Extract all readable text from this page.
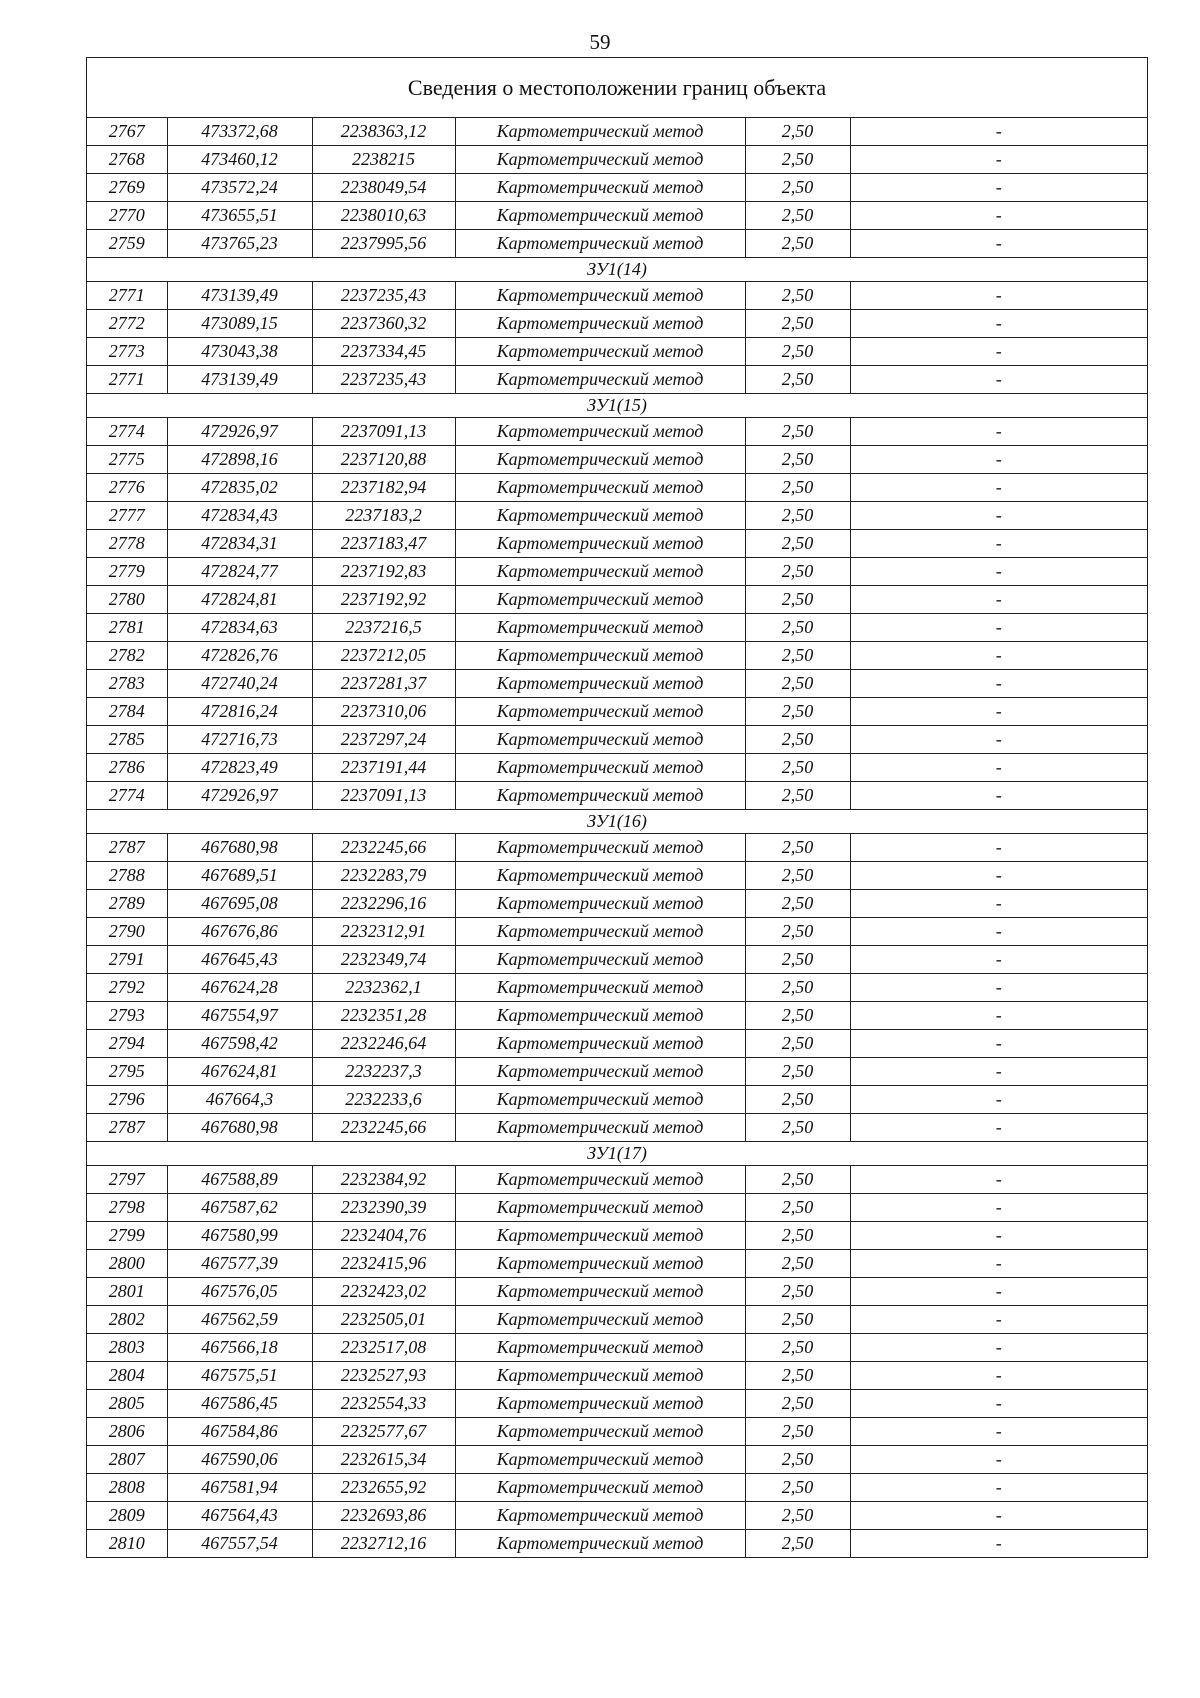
59
Сведения о местоположении границ объекта
2767	473372,68	2238363,12	Картометрический метод	2,50	-
2768	473460,12	2238215	Картометрический метод	2,50	-
2769	473572,24	2238049,54	Картометрический метод	2,50	-
2770	473655,51	2238010,63	Картометрический метод	2,50	-
2759	473765,23	2237995,56	Картометрический метод	2,50	-
ЗУ1(14)					
2771	473139,49	2237235,43	Картометрический метод	2,50	-
2772	473089,15	2237360,32	Картометрический метод	2,50	-
2773	473043,38	2237334,45	Картометрический метод	2,50	-
2771	473139,49	2237235,43	Картометрический метод	2,50	-
ЗУ1(15)					
2774	472926,97	2237091,13	Картометрический метод	2,50	-
2775	472898,16	2237120,88	Картометрический метод	2,50	-
2776	472835,02	2237182,94	Картометрический метод	2,50	-
2777	472834,43	2237183,2	Картометрический метод	2,50	-
2778	472834,31	2237183,47	Картометрический метод	2,50	-
2779	472824,77	2237192,83	Картометрический метод	2,50	-
2780	472824,81	2237192,92	Картометрический метод	2,50	-
2781	472834,63	2237216,5	Картометрический метод	2,50	-
2782	472826,76	2237212,05	Картометрический метод	2,50	-
2783	472740,24	2237281,37	Картометрический метод	2,50	-
2784	472816,24	2237310,06	Картометрический метод	2,50	-
2785	472716,73	2237297,24	Картометрический метод	2,50	-
2786	472823,49	2237191,44	Картометрический метод	2,50	-
2774	472926,97	2237091,13	Картометрический метод	2,50	-
ЗУ1(16)					
2787	467680,98	2232245,66	Картометрический метод	2,50	-
2788	467689,51	2232283,79	Картометрический метод	2,50	-
2789	467695,08	2232296,16	Картометрический метод	2,50	-
2790	467676,86	2232312,91	Картометрический метод	2,50	-
2791	467645,43	2232349,74	Картометрический метод	2,50	-
2792	467624,28	2232362,1	Картометрический метод	2,50	-
2793	467554,97	2232351,28	Картометрический метод	2,50	-
2794	467598,42	2232246,64	Картометрический метод	2,50	-
2795	467624,81	2232237,3	Картометрический метод	2,50	-
2796	467664,3	2232233,6	Картометрический метод	2,50	-
2787	467680,98	2232245,66	Картометрический метод	2,50	-
ЗУ1(17)					
2797	467588,89	2232384,92	Картометрический метод	2,50	-
2798	467587,62	2232390,39	Картометрический метод	2,50	-
2799	467580,99	2232404,76	Картометрический метод	2,50	-
2800	467577,39	2232415,96	Картометрический метод	2,50	-
2801	467576,05	2232423,02	Картометрический метод	2,50	-
2802	467562,59	2232505,01	Картометрический метод	2,50	-
2803	467566,18	2232517,08	Картометрический метод	2,50	-
2804	467575,51	2232527,93	Картометрический метод	2,50	-
2805	467586,45	2232554,33	Картометрический метод	2,50	-
2806	467584,86	2232577,67	Картометрический метод	2,50	-
2807	467590,06	2232615,34	Картометрический метод	2,50	-
2808	467581,94	2232655,92	Картометрический метод	2,50	-
2809	467564,43	2232693,86	Картометрический метод	2,50	-
2810	467557,54	2232712,16	Картометрический метод	2,50	-
